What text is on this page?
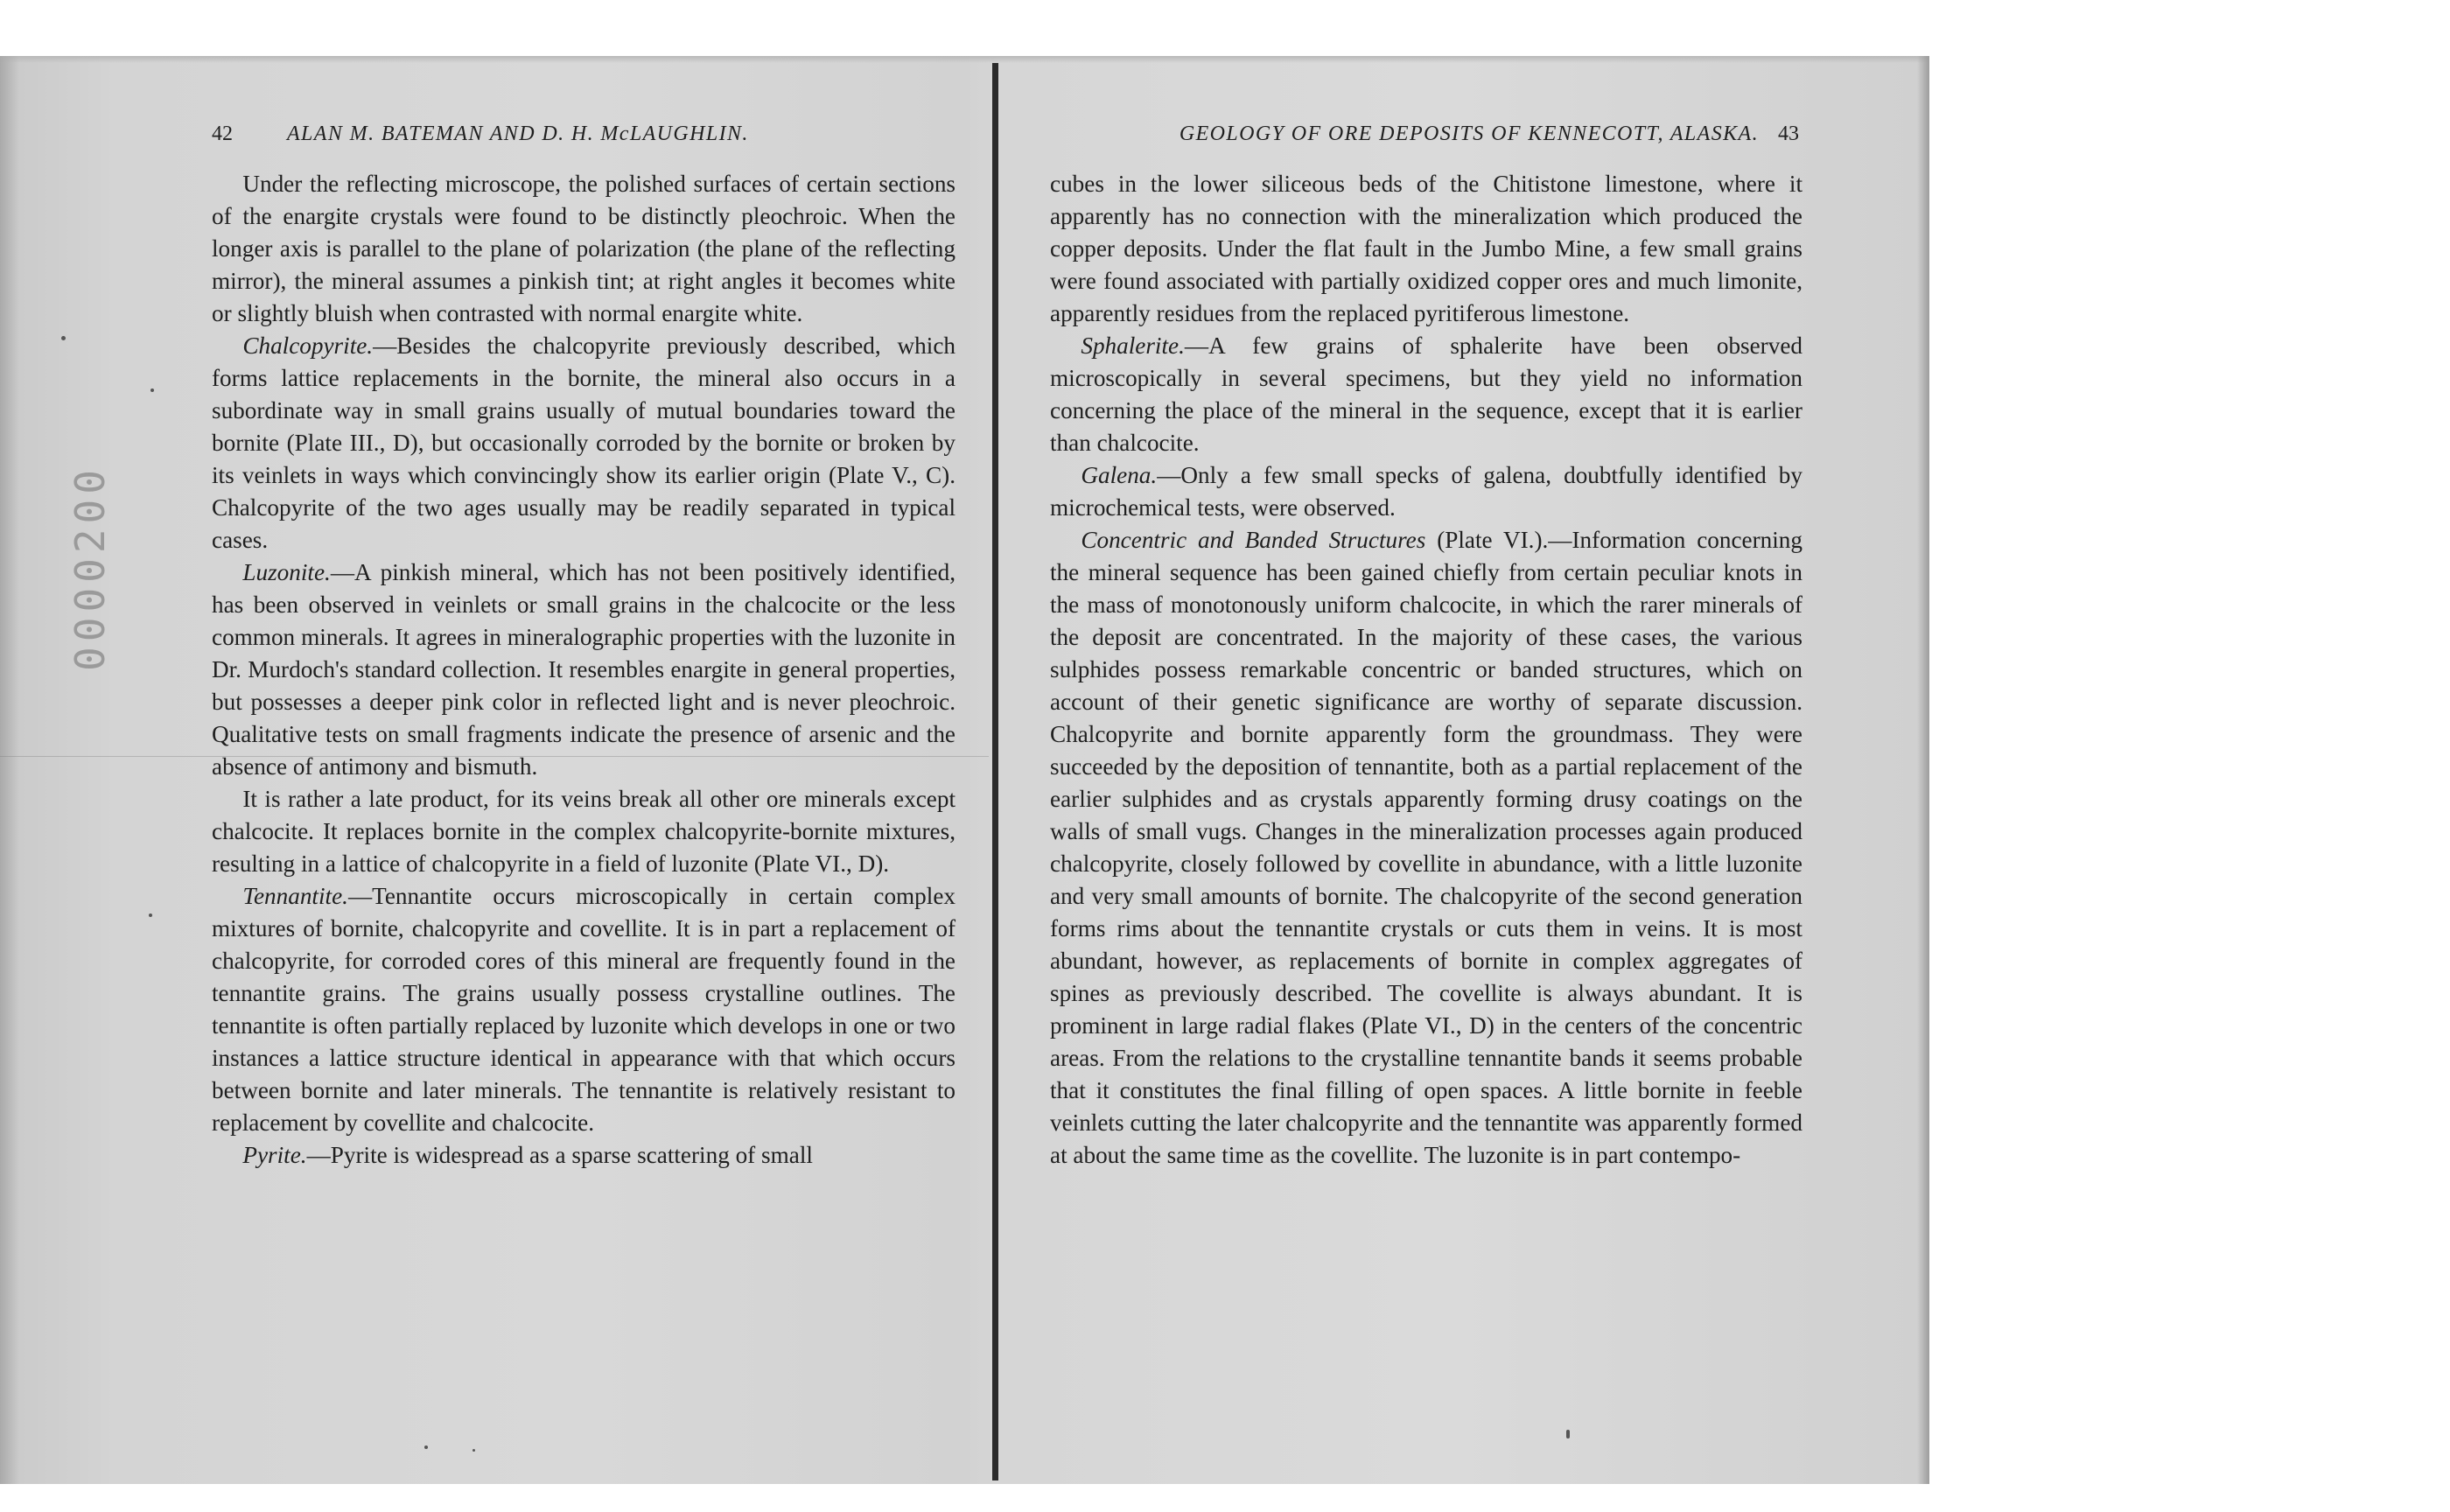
0000200
42	ALAN M. BATEMAN AND D. H. McLAUGHLIN.

Under the reflecting microscope, the polished surfaces of certain sections of the enargite crystals were found to be distinctly pleochroic. When the longer axis is parallel to the plane of polarization (the plane of the reflecting mirror), the mineral assumes a pinkish tint; at right angles it becomes white or slightly bluish when contrasted with normal enargite white.

Chalcopyrite.—Besides the chalcopyrite previously described, which forms lattice replacements in the bornite, the mineral also occurs in a subordinate way in small grains usually of mutual boundaries toward the bornite (Plate III., D), but occasionally corroded by the bornite or broken by its veinlets in ways which convincingly show its earlier origin (Plate V., C). Chalcopyrite of the two ages usually may be readily separated in typical cases.

Luzonite.—A pinkish mineral, which has not been positively identified, has been observed in veinlets or small grains in the chalcocite or the less common minerals. It agrees in mineralographic properties with the luzonite in Dr. Murdoch's standard collection. It resembles enargite in general properties, but possesses a deeper pink color in reflected light and is never pleochroic. Qualitative tests on small fragments indicate the presence of arsenic and the absence of antimony and bismuth.

It is rather a late product, for its veins break all other ore minerals except chalcocite. It replaces bornite in the complex chalcopyrite-bornite mixtures, resulting in a lattice of chalcopyrite in a field of luzonite (Plate VI., D).

Tennantite.—Tennantite occurs microscopically in certain complex mixtures of bornite, chalcopyrite and covellite. It is in part a replacement of chalcopyrite, for corroded cores of this mineral are frequently found in the tennantite grains. The grains usually possess crystalline outlines. The tennantite is often partially replaced by luzonite which develops in one or two instances a lattice structure identical in appearance with that which occurs between bornite and later minerals. The tennantite is relatively resistant to replacement by covellite and chalcocite.

Pyrite.—Pyrite is widespread as a sparse scattering of small

GEOLOGY OF ORE DEPOSITS OF KENNECOTT, ALASKA. 43

cubes in the lower siliceous beds of the Chitistone limestone, where it apparently has no connection with the mineralization which produced the copper deposits. Under the flat fault in the Jumbo Mine, a few small grains were found associated with partially oxidized copper ores and much limonite, apparently residues from the replaced pyritiferous limestone.

Sphalerite.—A few grains of sphalerite have been observed microscopically in several specimens, but they yield no information concerning the place of the mineral in the sequence, except that it is earlier than chalcocite.

Galena.—Only a few small specks of galena, doubtfully identified by microchemical tests, were observed.

Concentric and Banded Structures (Plate VI.).—Information concerning the mineral sequence has been gained chiefly from certain peculiar knots in the mass of monotonously uniform chalcocite, in which the rarer minerals of the deposit are concentrated. In the majority of these cases, the various sulphides possess remarkable concentric or banded structures, which on account of their genetic significance are worthy of separate discussion. Chalcopyrite and bornite apparently form the groundmass. They were succeeded by the deposition of tennantite, both as a partial replacement of the earlier sulphides and as crystals apparently forming drusy coatings on the walls of small vugs. Changes in the mineralization processes again produced chalcopyrite, closely followed by covellite in abundance, with a little luzonite and very small amounts of bornite. The chalcopyrite of the second generation forms rims about the tennantite crystals or cuts them in veins. It is most abundant, however, as replacements of bornite in complex aggregates of spines as previously described. The covellite is always abundant. It is prominent in large radial flakes (Plate VI., D) in the centers of the concentric areas. From the relations to the crystalline tennantite bands it seems probable that it constitutes the final filling of open spaces. A little bornite in feeble veinlets cutting the later chalcopyrite and the tennantite was apparently formed at about the same time as the covellite. The luzonite is in part contempo-
